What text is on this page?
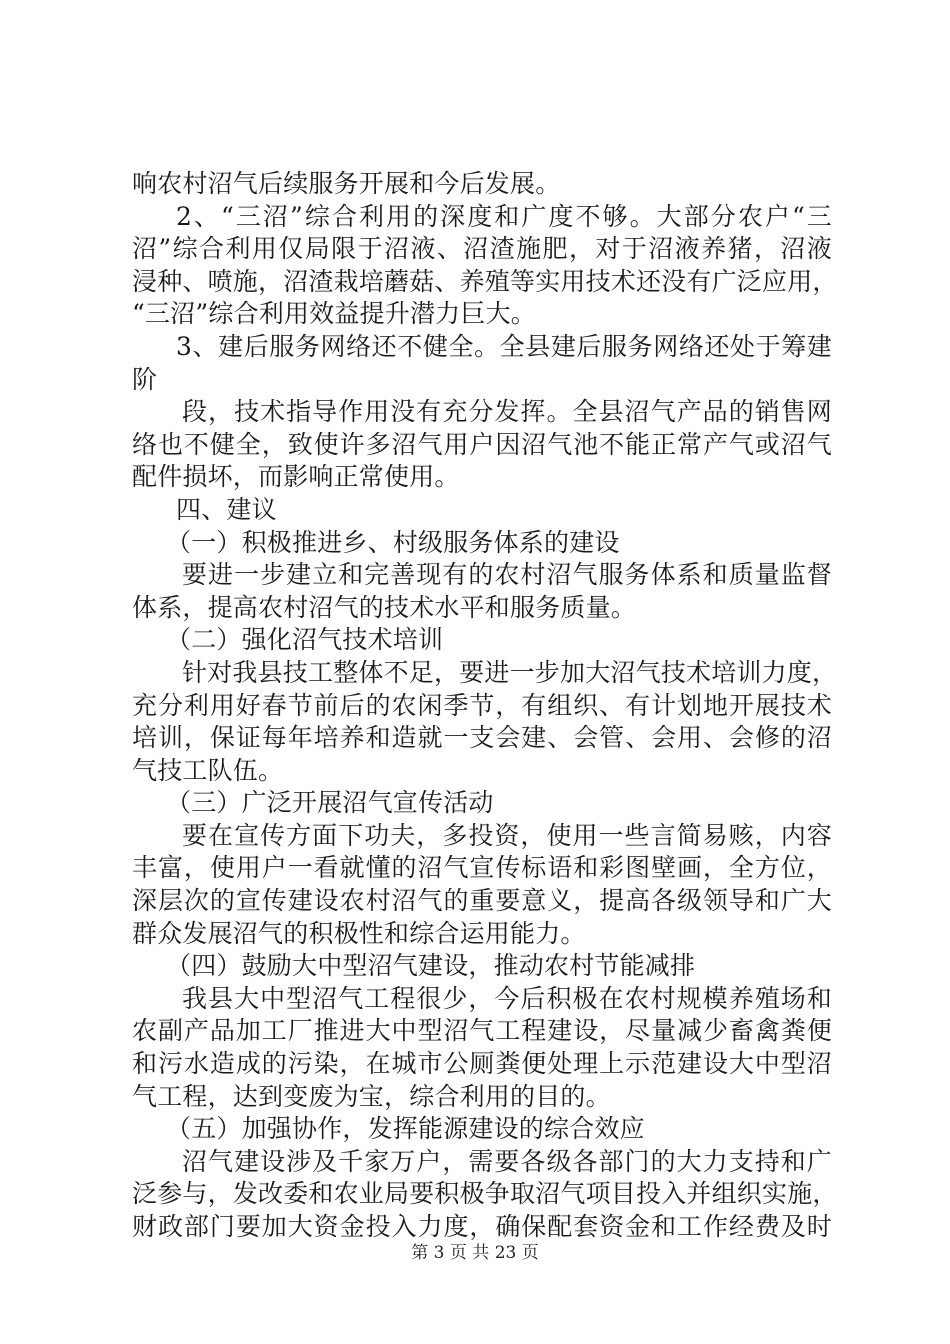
响农村沼气后续服务开展和今后发展。
2、“三沼”综合利用的深度和广度不够。大部分农户“三
沼”综合利用仅局限于沼液、沼渣施肥，对于沼液养猪，沼液
浸种、喷施，沼渣栽培蘑菇、养殖等实用技术还没有广泛应用，
“三沼”综合利用效益提升潜力巨大。
3、建后服务网络还不健全。全县建后服务网络还处于筹建
阶
段，技术指导作用没有充分发挥。全县沼气产品的销售网
络也不健全，致使许多沼气用户因沼气池不能正常产气或沼气
配件损坏，而影响正常使用。
四、建议
（一）积极推进乡、村级服务体系的建设
要进一步建立和完善现有的农村沼气服务体系和质量监督
体系，提高农村沼气的技术水平和服务质量。
（二）强化沼气技术培训
针对我县技工整体不足，要进一步加大沼气技术培训力度，
充分利用好春节前后的农闲季节，有组织、有计划地开展技术
培训，保证每年培养和造就一支会建、会管、会用、会修的沼
气技工队伍。
（三）广泛开展沼气宣传活动
要在宣传方面下功夫，多投资，使用一些言简易赅，内容
丰富，使用户一看就懂的沼气宣传标语和彩图壁画，全方位，
深层次的宣传建设农村沼气的重要意义，提高各级领导和广大
群众发展沼气的积极性和综合运用能力。
（四）鼓励大中型沼气建设，推动农村节能减排
我县大中型沼气工程很少，今后积极在农村规模养殖场和
农副产品加工厂推进大中型沼气工程建设，尽量减少畜禽粪便
和污水造成的污染，在城市公厕粪便处理上示范建设大中型沼
气工程，达到变废为宝，综合利用的目的。
（五）加强协作，发挥能源建设的综合效应
沼气建设涉及千家万户，需要各级各部门的大力支持和广
泛参与，发改委和农业局要积极争取沼气项目投入并组织实施，
财政部门要加大资金投入力度，确保配套资金和工作经费及时
第 3 页 共 23 页
